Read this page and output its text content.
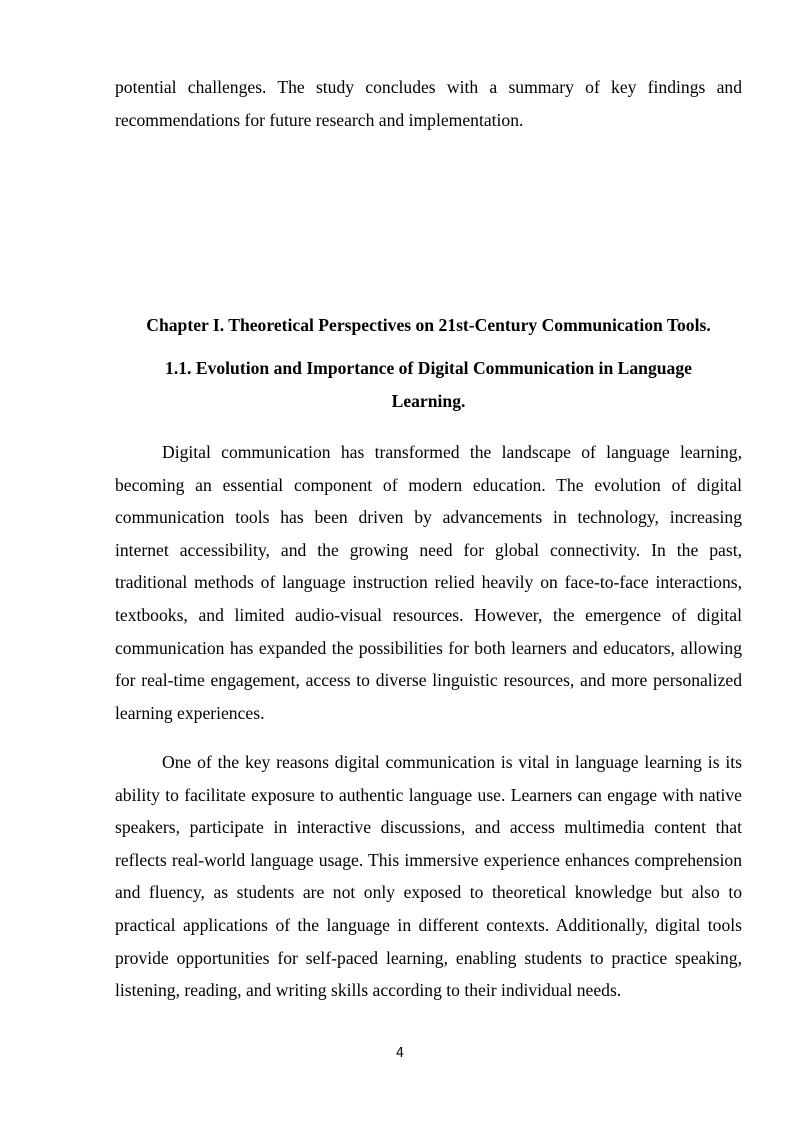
potential challenges. The study concludes with a summary of key findings and recommendations for future research and implementation.

Chapter I. Theoretical Perspectives on 21st-Century Communication Tools.
1.1. Evolution and Importance of Digital Communication in Language Learning.

Digital communication has transformed the landscape of language learning, becoming an essential component of modern education. The evolution of digital communication tools has been driven by advancements in technology, increasing internet accessibility, and the growing need for global connectivity. In the past, traditional methods of language instruction relied heavily on face-to-face interactions, textbooks, and limited audio-visual resources. However, the emergence of digital communication has expanded the possibilities for both learners and educators, allowing for real-time engagement, access to diverse linguistic resources, and more personalized learning experiences.

One of the key reasons digital communication is vital in language learning is its ability to facilitate exposure to authentic language use. Learners can engage with native speakers, participate in interactive discussions, and access multimedia content that reflects real-world language usage. This immersive experience enhances comprehension and fluency, as students are not only exposed to theoretical knowledge but also to practical applications of the language in different contexts. Additionally, digital tools provide opportunities for self-paced learning, enabling students to practice speaking, listening, reading, and writing skills according to their individual needs.

4
